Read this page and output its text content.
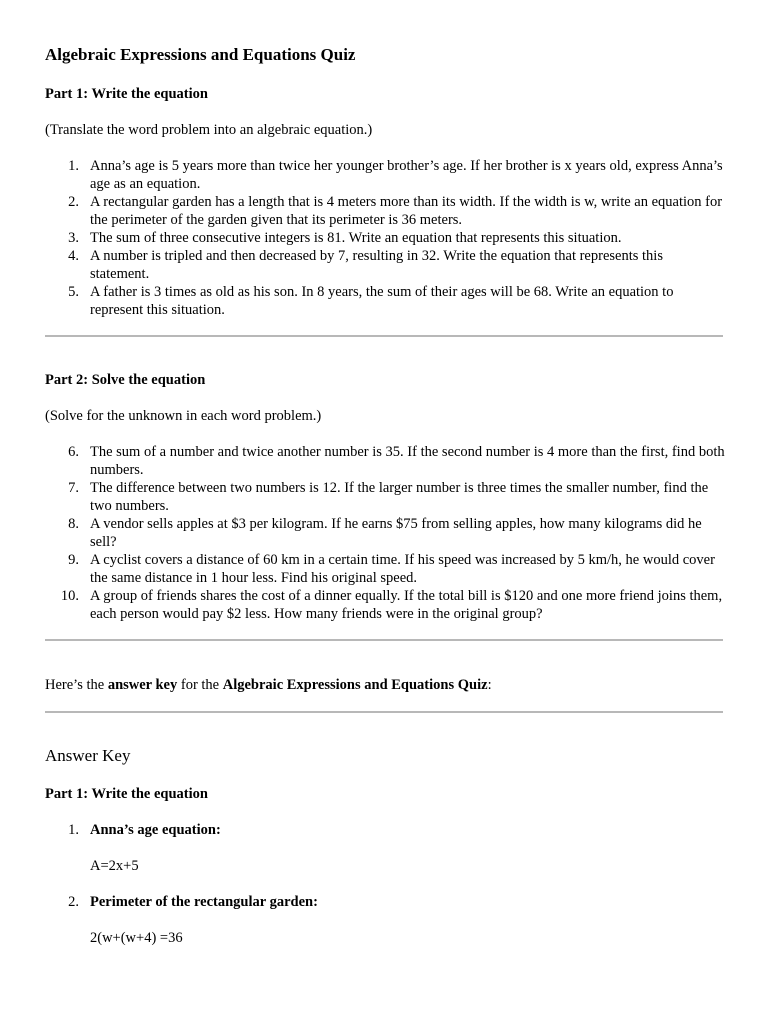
Algebraic Expressions and Equations Quiz
Part 1: Write the equation

(Translate the word problem into an algebraic equation.)

1. Anna’s age is 5 years more than twice her younger brother’s age. If her brother is x years old, express Anna’s age as an equation.
2. A rectangular garden has a length that is 4 meters more than its width. If the width is w, write an equation for the perimeter of the garden given that its perimeter is 36 meters.
3. The sum of three consecutive integers is 81. Write an equation that represents this situation.
4. A number is tripled and then decreased by 7, resulting in 32. Write the equation that represents this statement.
5. A father is 3 times as old as his son. In 8 years, the sum of their ages will be 68. Write an equation to represent this situation.
Part 2: Solve the equation

(Solve for the unknown in each word problem.)

6. The sum of a number and twice another number is 35. If the second number is 4 more than the first, find both numbers.
7. The difference between two numbers is 12. If the larger number is three times the smaller number, find the two numbers.
8. A vendor sells apples at $3 per kilogram. If he earns $75 from selling apples, how many kilograms did he sell?
9. A cyclist covers a distance of 60 km in a certain time. If his speed was increased by 5 km/h, he would cover the same distance in 1 hour less. Find his original speed.
10. A group of friends shares the cost of a dinner equally. If the total bill is $120 and one more friend joins them, each person would pay $2 less. How many friends were in the original group?

Here’s the answer key for the Algebraic Expressions and Equations Quiz:

Answer Key
Part 1: Write the equation
1. Anna’s age equation:
A=2x+5
2. Perimeter of the rectangular garden:
2(w+(w+4) =36
